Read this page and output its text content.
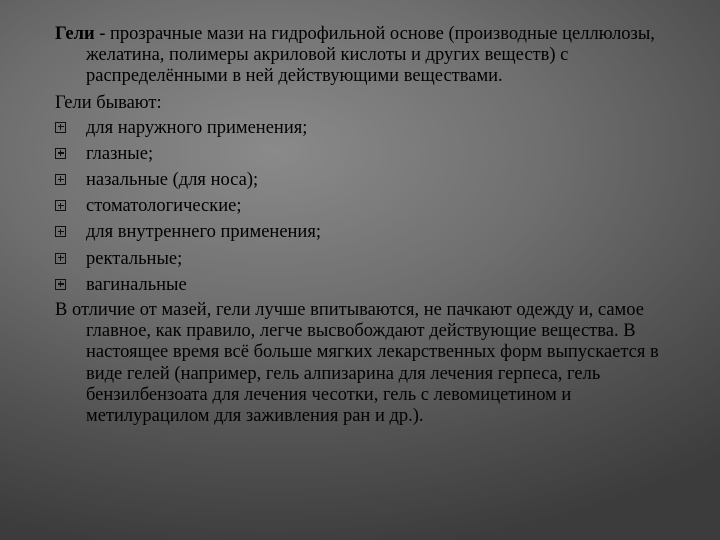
Гели - прозрачные мази на гидрофильной основе (производные целлюлозы, желатина, полимеры акриловой кислоты и других веществ) с распределёнными в ней действующими веществами.

Гели бывают:

для наружного применения;
глазные;
назальные (для носа);
стоматологические;
для внутреннего применения;
ректальные;
вагинальные

В отличие от мазей, гели лучше впитываются, не пачкают одежду и, самое главное, как правило, легче высвобождают действующие вещества. В настоящее время всё больше мягких лекарственных форм выпускается в виде гелей (например, гель алпизарина для лечения герпеса, гель бензилбензоата для лечения чесотки, гель с левомицетином и метилурацилом для заживления ран и др.).
